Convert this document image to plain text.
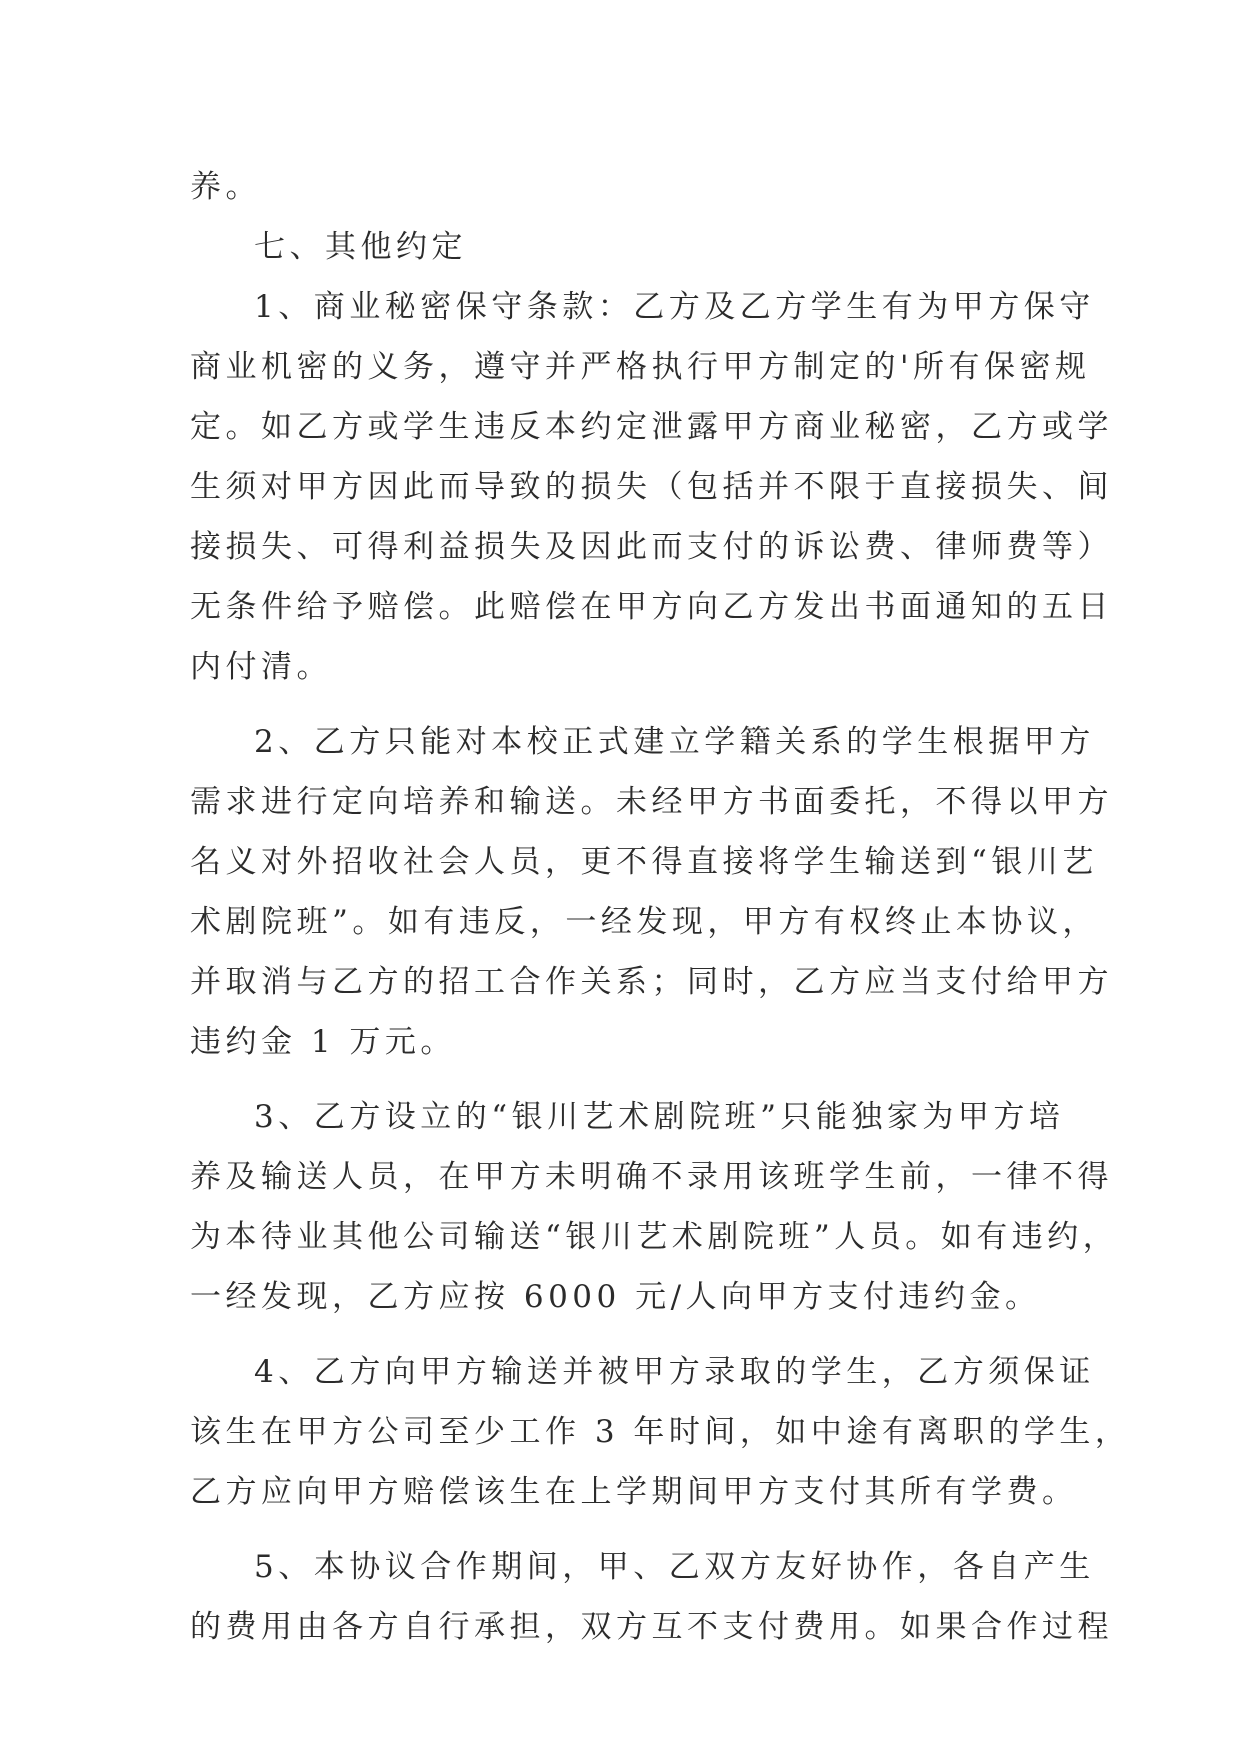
养。
七、其他约定
1、商业秘密保守条款：乙方及乙方学生有为甲方保守
商业机密的义务，遵守并严格执行甲方制定的'所有保密规
定。如乙方或学生违反本约定泄露甲方商业秘密，乙方或学
生须对甲方因此而导致的损失（包括并不限于直接损失、间
接损失、可得利益损失及因此而支付的诉讼费、律师费等）
无条件给予赔偿。此赔偿在甲方向乙方发出书面通知的五日
内付清。
2、乙方只能对本校正式建立学籍关系的学生根据甲方
需求进行定向培养和输送。未经甲方书面委托，不得以甲方
名义对外招收社会人员，更不得直接将学生输送到“银川艺
术剧院班”。如有违反，一经发现，甲方有权终止本协议，
并取消与乙方的招工合作关系；同时，乙方应当支付给甲方
违约金 1 万元。
3、乙方设立的“银川艺术剧院班”只能独家为甲方培
养及输送人员，在甲方未明确不录用该班学生前，一律不得
为本待业其他公司输送“银川艺术剧院班”人员。如有违约，
一经发现，乙方应按 6000 元/人向甲方支付违约金。
4、乙方向甲方输送并被甲方录取的学生，乙方须保证
该生在甲方公司至少工作 3 年时间，如中途有离职的学生，
乙方应向甲方赔偿该生在上学期间甲方支付其所有学费。
5、本协议合作期间，甲、乙双方友好协作，各自产生
的费用由各方自行承担，双方互不支付费用。如果合作过程
